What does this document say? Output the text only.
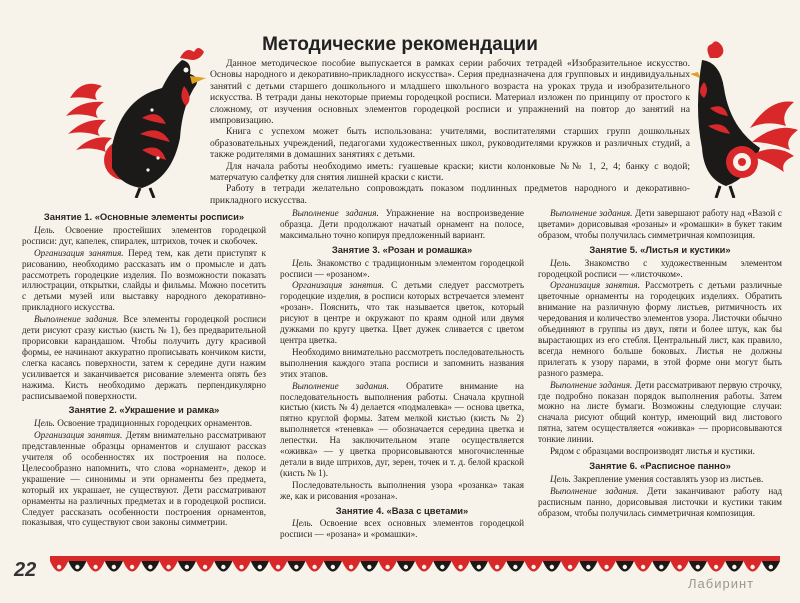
Методические рекомендации

Данное методическое пособие выпускается в рамках серии рабочих тетрадей «Изобразительное искусство. Основы народного и декоративно-прикладного искусства». Серия предназначена для групповых и индивидуальных занятий с детьми старшего дошкольного и младшего школьного возраста на уроках труда и изобразительного искусства. В тетради даны некоторые приемы городецкой росписи. Материал изложен по принципу от простого к сложному, от изучения основных элементов городецкой росписи и упражнений на повтор до занятий на импровизацию.

Книга с успехом может быть использована: учителями, воспитателями старших групп дошкольных образовательных учреждений, педагогами художественных школ, руководителями кружков и различных студий, а также родителями в домашних занятиях с детьми.

Для начала работы необходимо иметь: гуашевые краски; кисти колонковые №№ 1, 2, 4; банку с водой; матерчатую салфетку для снятия лишней краски с кисти.

Работу в тетради желательно сопровождать показом подлинных предметов народного и декоративно-прикладного искусства.

Занятие 1. «Основные элементы росписи»

Цель. Освоение простейших элементов городецкой росписи: дуг, капелек, спиралек, штрихов, точек и скобочек.

Организация занятия. Перед тем, как дети приступят к рисованию, необходимо рассказать им о промысле и дать рассмотреть городецкие изделия. По возможности показать иллюстрации, открытки, слайды и фильмы. Можно посетить с детьми музей или выставку народного декоративно-прикладного искусства.

Выполнение задания. Все элементы городецкой росписи дети рисуют сразу кистью (кисть № 1), без предварительной прорисовки карандашом. Чтобы получить дугу красивой формы, ее начинают аккуратно прописывать кончиком кисти, слегка касаясь поверхности, затем к середине дуги нажим усиливается и заканчивается рисование элемента опять без нажима. Кисть необходимо держать перпендикулярно расписываемой поверхности.

Занятие 2. «Украшение и рамка»

Цель. Освоение традиционных городецких орнаментов.

Организация занятия. Детям внимательно рассматривают представленные образцы орнаментов и слушают рассказ учителя об особенностях их построения на полосе. Целесообразно напомнить, что слова «орнамент», декор и украшение — синонимы и эти орнаменты без предмета, который их украшает, не существуют. Дети рассматривают орнаменты на различных предметах и в городецкой росписи. Следует рассказать особенности построения орнаментов, показывая, что существуют свои законы симметрии.

Выполнение задания. Упражнение на воспроизведение образца. Дети продолжают начатый орнамент на полосе, максимально точно копируя предложенный вариант.

Занятие 3. «Розан и ромашка»

Цель. Знакомство с традиционным элементом городецкой росписи — «розаном».

Организация занятия. С детьми следует рассмотреть городецкие изделия, в росписи которых встречается элемент «розан». Пояснить, что так называется цветок, который рисуют в центре и окружают по краям одной или двумя дужками по кругу цветка. Цвет дужек сливается с цветом центра цветка.

Необходимо внимательно рассмотреть последовательность выполнения каждого этапа росписи и запомнить названия этих этапов.

Выполнение задания. Обратите внимание на последовательность выполнения работы. Сначала крупной кистью (кисть № 4) делается «подмалевка» — основа цветка, пятно круглой формы. Затем мелкой кистью (кисть № 2) выполняется «теневка» — обозначается середина цветка и лепестки. На заключительном этапе осуществляется «оживка» — у цветка прорисовываются многочисленные детали в виде штрихов, дуг, зерен, точек и т. д. белой краской (кисть № 1).

Последовательность выполнения узора «розанка» такая же, как и рисования «розана».

Занятие 4. «Ваза с цветами»

Цель. Освоение всех основных элементов городецкой росписи — «розана» и «ромашки».

Выполнение задания. Дети завершают работу над «Вазой с цветами» дорисовывая «розаны» и «ромашки» в букет таким образом, чтобы получилась симметричная композиция.

Занятие 5. «Листья и кустики»

Цель. Знакомство с художественным элементом городецкой росписи — «листочком».

Организация занятия. Рассмотреть с детьми различные цветочные орнаменты на городецких изделиях. Обратить внимание на различную форму листьев, ритмичность их чередования и количество элементов узора. Листочки обычно объединяют в группы из двух, пяти и более штук, как бы вырастающих из его стебля. Центральный лист, как правило, всегда немного больше боковых. Листья не должны прилегать к узору парами, в этой форме они могут быть разного размера.

Выполнение задания. Дети рассматривают первую строчку, где подробно показан порядок выполнения работы. Затем можно на листе бумаги. Возможны следующие случаи: сначала рисуют общий контур, имеющий вид листового пятна, затем осуществляется «оживка» — прорисовываются тонкие линии.

Рядом с образцами воспроизводят листья и кустики.

Занятие 6. «Расписное панно»

Цель. Закрепление умения составлять узор из листьев.

Выполнение задания. Дети заканчивают работу над расписным панно, дорисовывая листочки и кустики таким образом, чтобы получилась симметричная композиция.

22
Лабиринт
